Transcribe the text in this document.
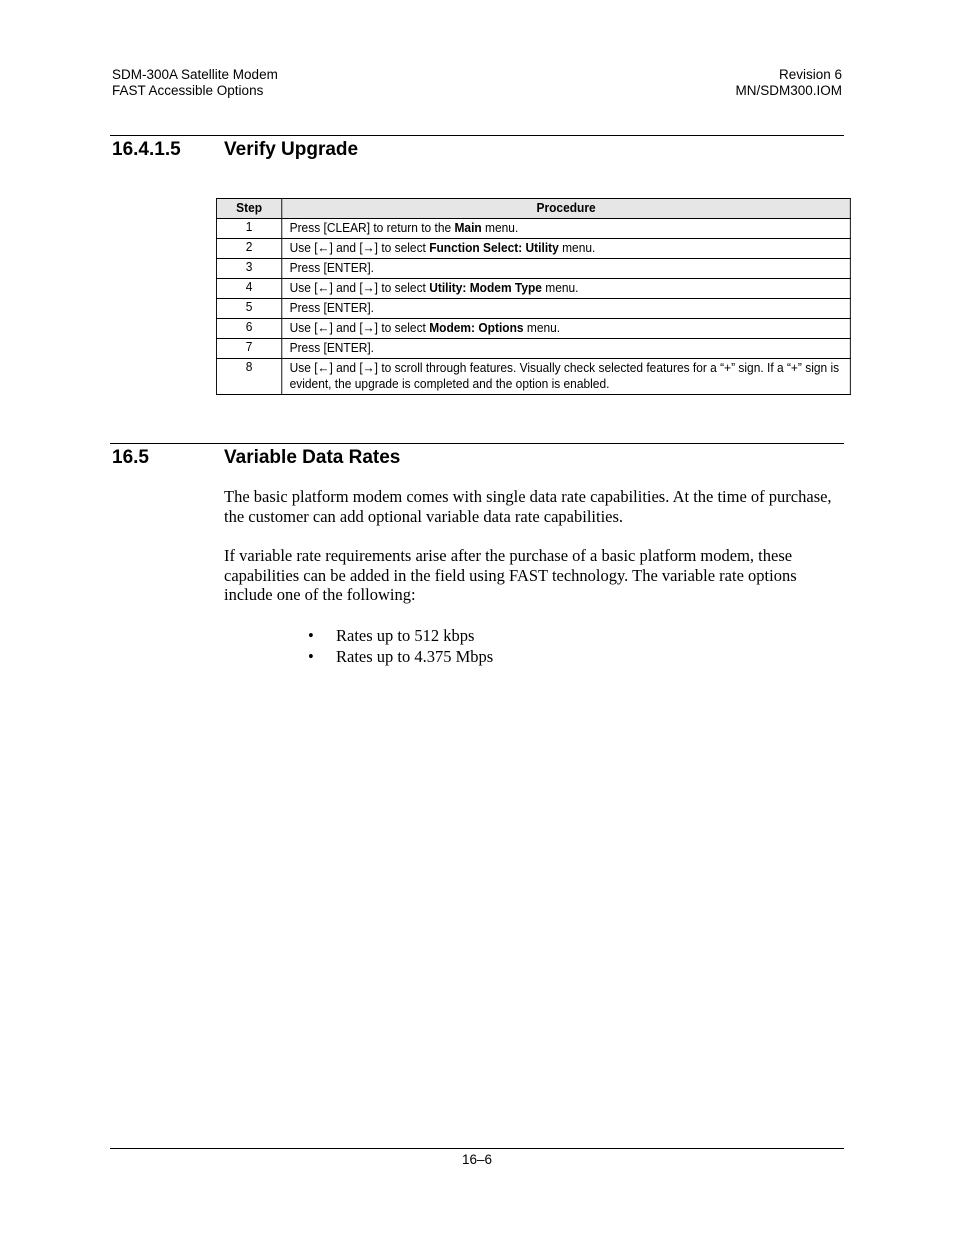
SDM-300A Satellite Modem
FAST Accessible Options
Revision 6
MN/SDM300.IOM
16.4.1.5 Verify Upgrade
Step	Procedure
1	Press [CLEAR] to return to the Main menu.
2	Use [←] and [→] to select Function Select: Utility menu.
3	Press [ENTER].
4	Use [←] and [→] to select Utility: Modem Type menu.
5	Press [ENTER].
6	Use [←] and [→] to select Modem: Options menu.
7	Press [ENTER].
8	Use [←] and [→] to scroll through features. Visually check selected features for a “+” sign. If a “+” sign is evident, the upgrade is completed and the option is enabled.
16.5	Variable Data Rates
The basic platform modem comes with single data rate capabilities. At the time of purchase, the customer can add optional variable data rate capabilities.
If variable rate requirements arise after the purchase of a basic platform modem, these capabilities can be added in the field using FAST technology. The variable rate options include one of the following:
• Rates up to 512 kbps
• Rates up to 4.375 Mbps
16–6
